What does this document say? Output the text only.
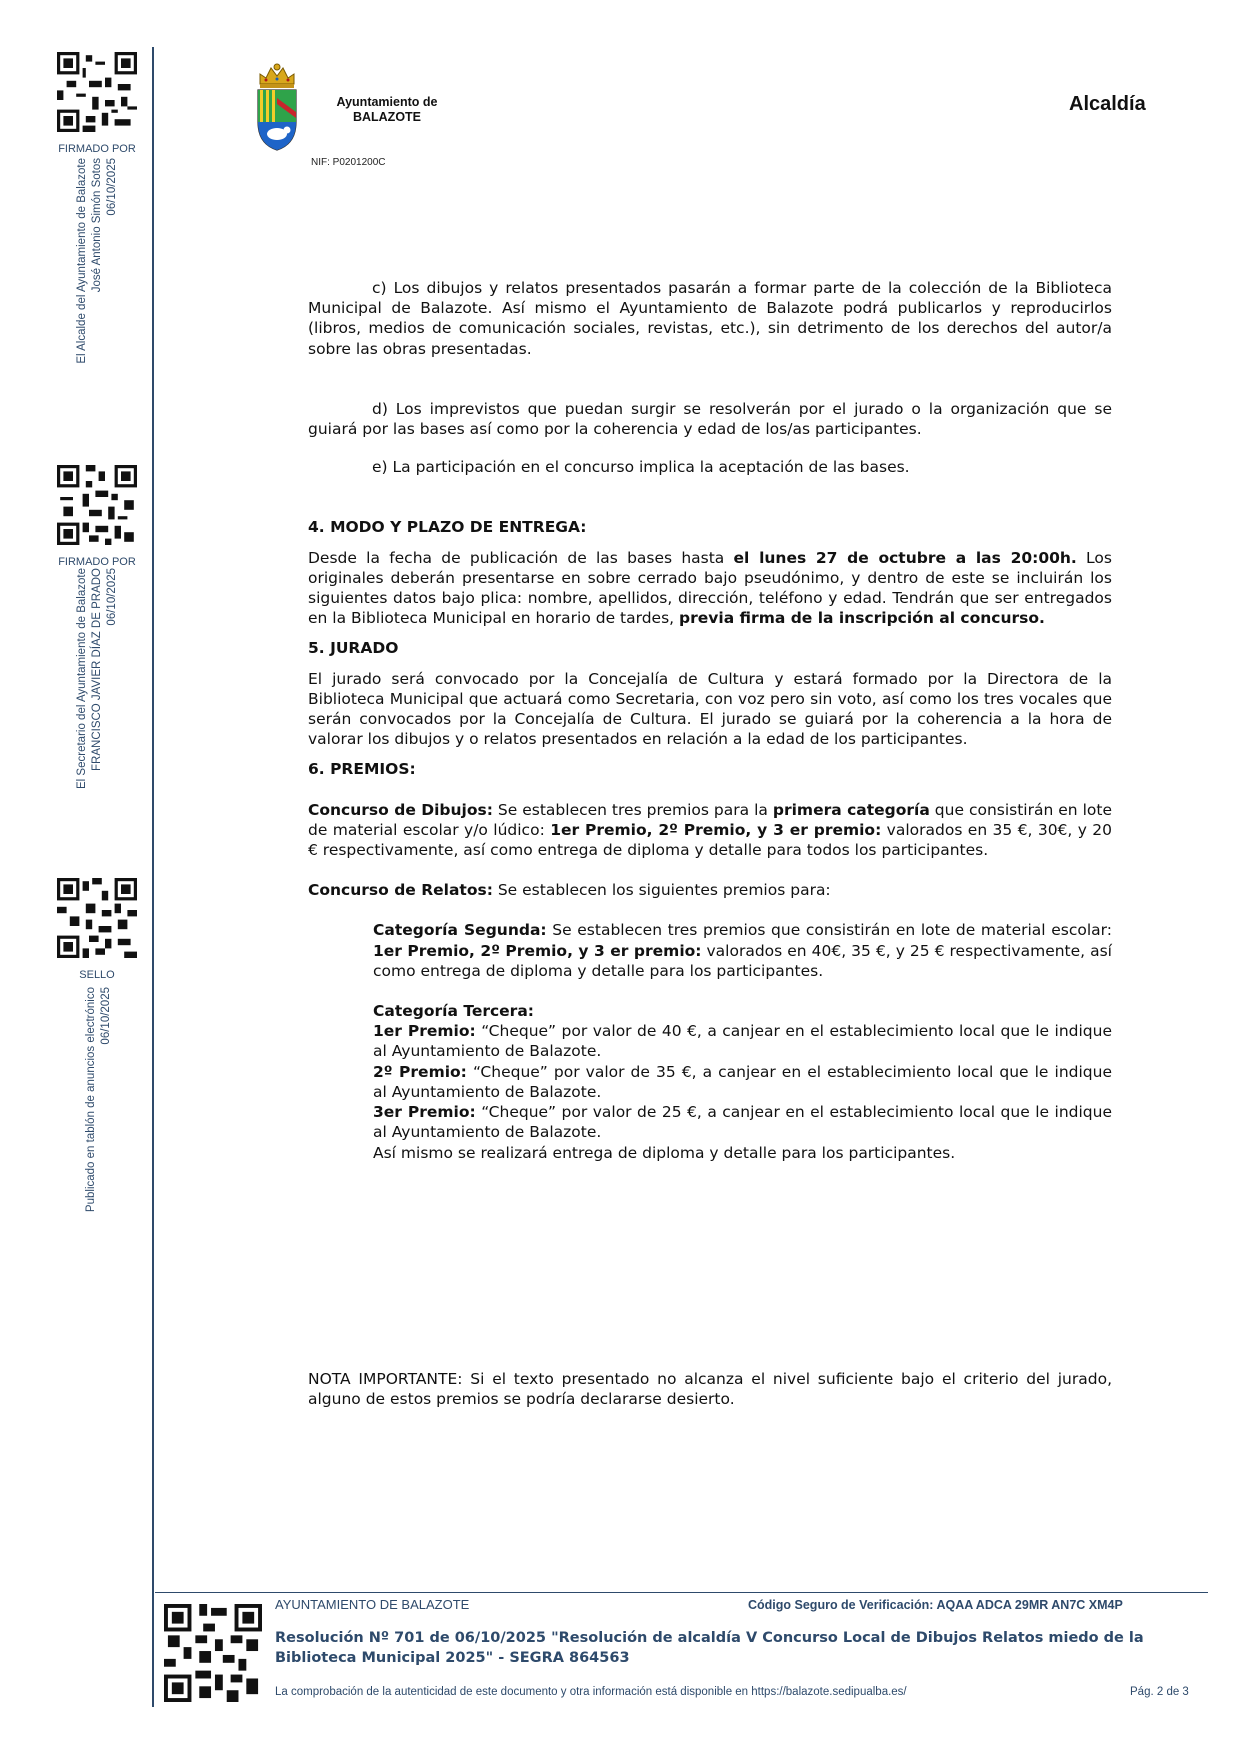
FIRMADO POR
El Alcalde del Ayuntamiento de Balazote José Antonio Simón Sotos 06/10/2025
FIRMADO POR
El Secretario del Ayuntamiento de Balazote FRANCISCO JAVIER DÍAZ DE PRADO 06/10/2025
SELLO
Publicado en tablón de anuncios electrónico 06/10/2025
Ayuntamiento de
BALAZOTE
NIF: P0201200C
Alcaldía

c) Los dibujos y relatos presentados pasarán a formar parte de la colección de la Biblioteca Municipal de Balazote. Así mismo el Ayuntamiento de Balazote podrá publicarlos y reproducirlos (libros, medios de comunicación sociales, revistas, etc.), sin detrimento de los derechos del autor/a sobre las obras presentadas.

d) Los imprevistos que puedan surgir se resolverán por el jurado o la organización que se guiará por las bases así como por la coherencia y edad de los/as participantes.

e) La participación en el concurso implica la aceptación de las bases.

4. MODO Y PLAZO DE ENTREGA:

Desde la fecha de publicación de las bases hasta el lunes 27 de octubre a las 20:00h. Los originales deberán presentarse en sobre cerrado bajo pseudónimo, y dentro de este se incluirán los siguientes datos bajo plica: nombre, apellidos, dirección, teléfono y edad. Tendrán que ser entregados en la Biblioteca Municipal en horario de tardes, previa firma de la inscripción al concurso.

5. JURADO

El jurado será convocado por la Concejalía de Cultura y estará formado por la Directora de la Biblioteca Municipal que actuará como Secretaria, con voz pero sin voto, así como los tres vocales que serán convocados por la Concejalía de Cultura. El jurado se guiará por la coherencia a la hora de valorar los dibujos y o relatos presentados en relación a la edad de los participantes.

6. PREMIOS:

Concurso de Dibujos: Se establecen tres premios para la primera categoría que consistirán en lote de material escolar y/o lúdico: 1er Premio, 2º Premio, y 3 er premio: valorados en 35 €, 30€, y 20 € respectivamente, así como entrega de diploma y detalle para todos los participantes.

Concurso de Relatos: Se establecen los siguientes premios para:

Categoría Segunda: Se establecen tres premios que consistirán en lote de material escolar: 1er Premio, 2º Premio, y 3 er premio: valorados en 40€, 35 €, y 25 € respectivamente, así como entrega de diploma y detalle para los participantes.

Categoría Tercera:

1er Premio: “Cheque” por valor de 40 €, a canjear en el establecimiento local que le indique al Ayuntamiento de Balazote.

2º Premio: “Cheque” por valor de 35 €, a canjear en el establecimiento local que le indique al Ayuntamiento de Balazote.

3er Premio: “Cheque” por valor de 25 €, a canjear en el establecimiento local que le indique al Ayuntamiento de Balazote.

Así mismo se realizará entrega de diploma y detalle para los participantes.

NOTA IMPORTANTE: Si el texto presentado no alcanza el nivel suficiente bajo el criterio del jurado, alguno de estos premios se podría declararse desierto.

AYUNTAMIENTO DE BALAZOTE	Código Seguro de Verificación: AQAA ADCA 29MR AN7C XM4P
Resolución Nº 701 de 06/10/2025 "Resolución de alcaldía V Concurso Local de Dibujos Relatos miedo de la Biblioteca Municipal 2025" - SEGRA 864563
La comprobación de la autenticidad de este documento y otra información está disponible en https://balazote.sedipualba.es/	Pág. 2 de 3
